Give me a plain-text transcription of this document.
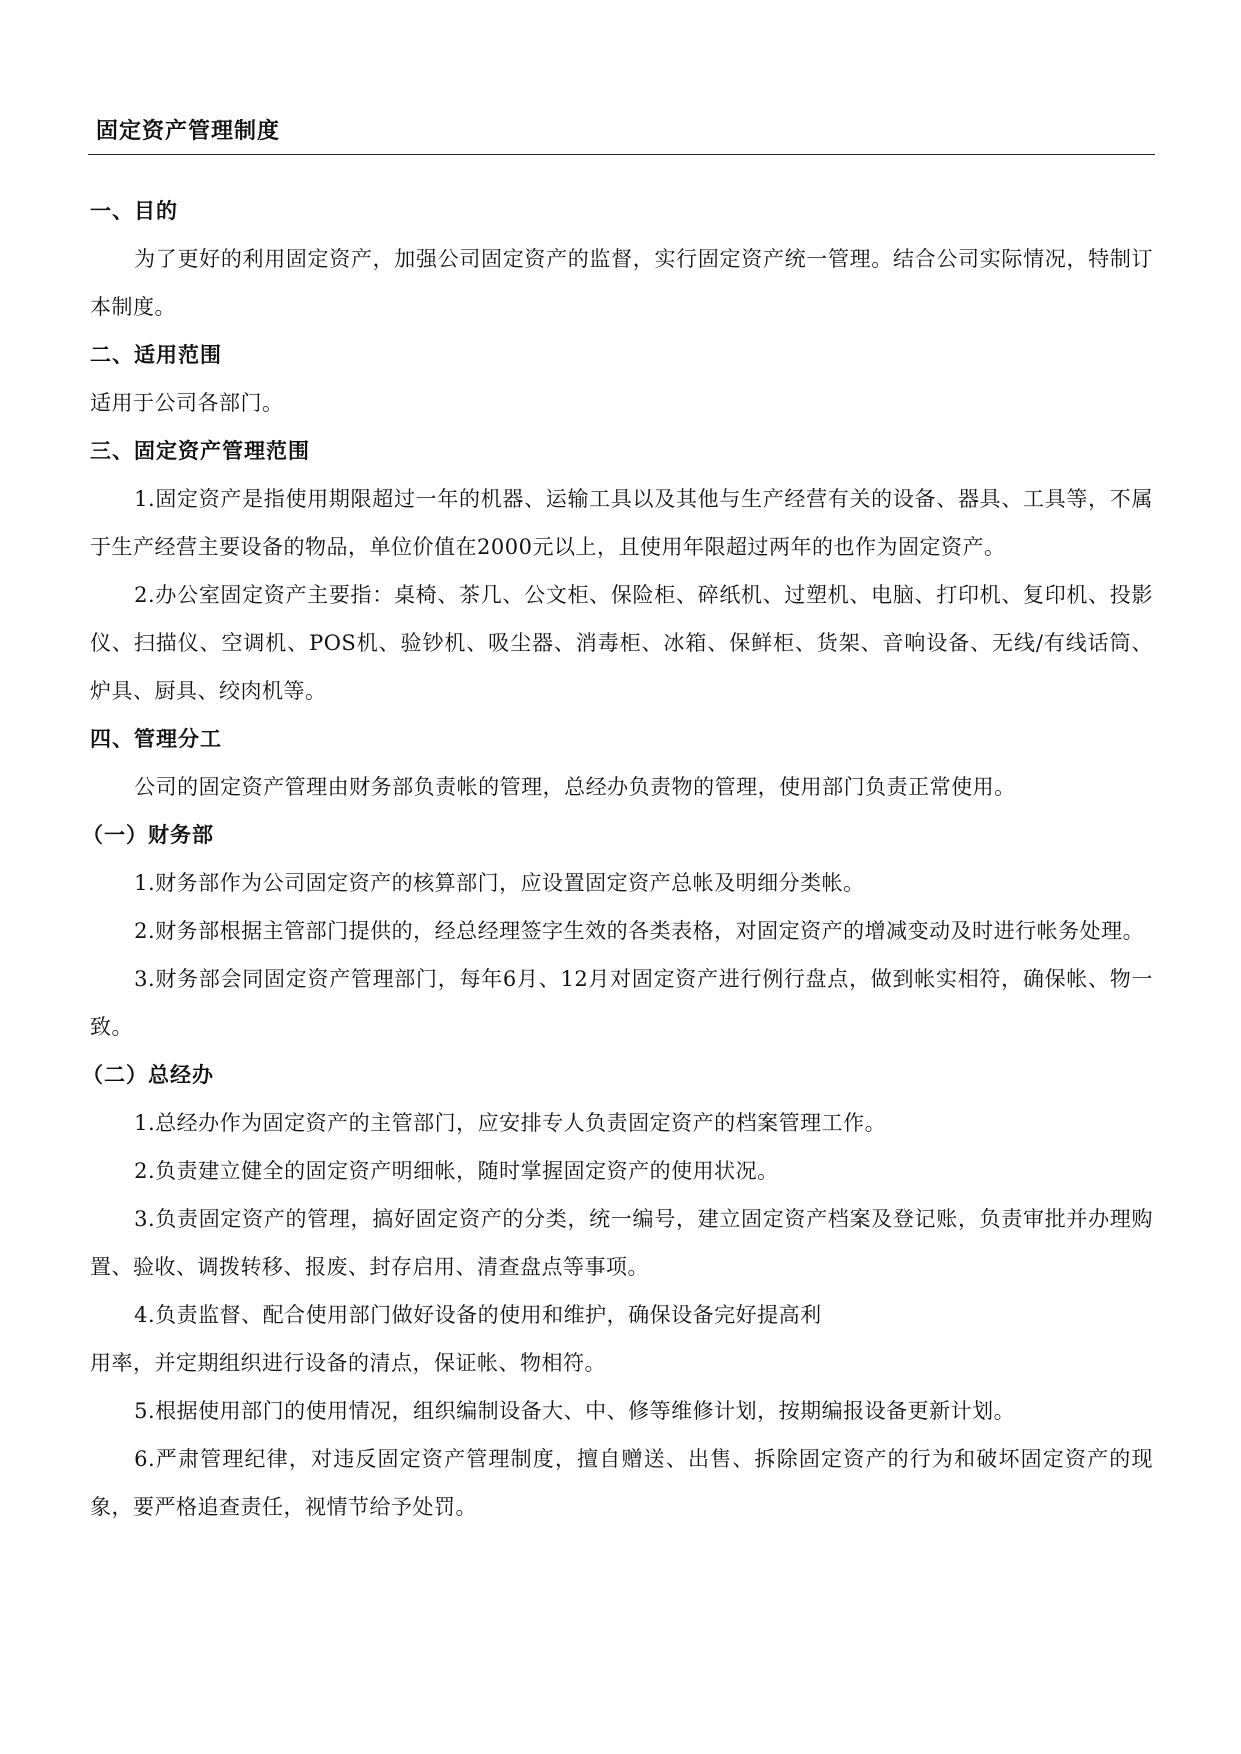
固定资产管理制度
一、目的

为了更好的利用固定资产，加强公司固定资产的监督，实行固定资产统一管理。结合公司实际情况，特制订本制度。

二、适用范围

适用于公司各部门。

三、固定资产管理范围

1.固定资产是指使用期限超过一年的机器、运输工具以及其他与生产经营有关的设备、器具、工具等，不属于生产经营主要设备的物品，单位价值在2000元以上，且使用年限超过两年的也作为固定资产。

2.办公室固定资产主要指：桌椅、茶几、公文柜、保险柜、碎纸机、过塑机、电脑、打印机、复印机、投影仪、扫描仪、空调机、POS机、验钞机、吸尘器、消毒柜、冰箱、保鲜柜、货架、音响设备、无线/有线话筒、炉具、厨具、绞肉机等。

四、管理分工

公司的固定资产管理由财务部负责帐的管理，总经办负责物的管理，使用部门负责正常使用。

（一）财务部

1.财务部作为公司固定资产的核算部门，应设置固定资产总帐及明细分类帐。

2.财务部根据主管部门提供的，经总经理签字生效的各类表格，对固定资产的增减变动及时进行帐务处理。

3.财务部会同固定资产管理部门，每年6月、12月对固定资产进行例行盘点，做到帐实相符，确保帐、物一致。

（二）总经办

1.总经办作为固定资产的主管部门，应安排专人负责固定资产的档案管理工作。

2.负责建立健全的固定资产明细帐，随时掌握固定资产的使用状况。

3.负责固定资产的管理，搞好固定资产的分类，统一编号，建立固定资产档案及登记账，负责审批并办理购置、验收、调拨转移、报废、封存启用、清查盘点等事项。

4.负责监督、配合使用部门做好设备的使用和维护，确保设备完好提高利

用率，并定期组织进行设备的清点，保证帐、物相符。

5.根据使用部门的使用情况，组织编制设备大、中、修等维修计划，按期编报设备更新计划。

6.严肃管理纪律，对违反固定资产管理制度，擅自赠送、出售、拆除固定资产的行为和破坏固定资产的现象，要严格追查责任，视情节给予处罚。
